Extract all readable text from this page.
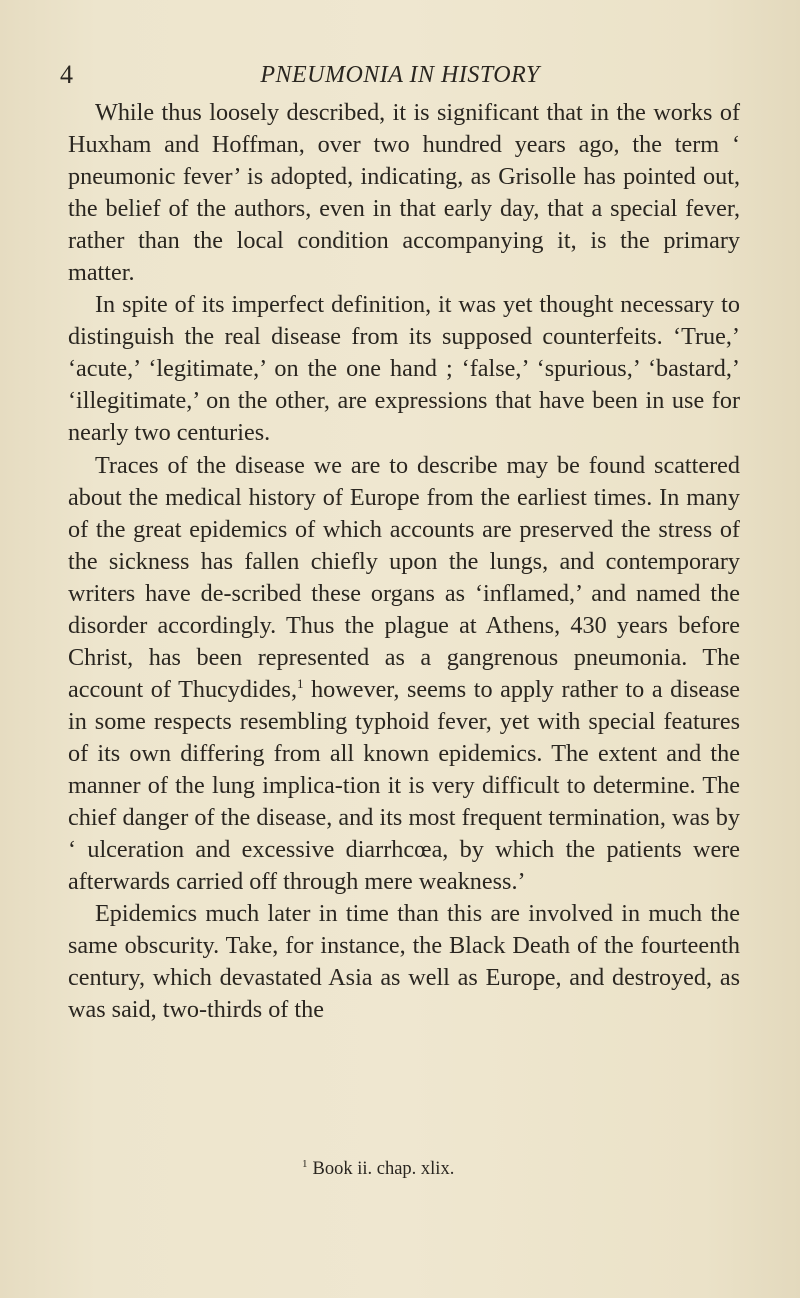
4	PNEUMONIA IN HISTORY

While thus loosely described, it is significant that in the works of Huxham and Hoffman, over two hundred years ago, the term ‘ pneumonic fever’ is adopted, indicating, as Grisolle has pointed out, the belief of the authors, even in that early day, that a special fever, rather than the local condition accompanying it, is the primary matter.

In spite of its imperfect definition, it was yet thought necessary to distinguish the real disease from its supposed counterfeits. ‘True,’ ‘acute,’ ‘legitimate,’ on the one hand ; ‘false,’ ‘spurious,’ ‘bastard,’ ‘illegitimate,’ on the other, are expressions that have been in use for nearly two centuries.

Traces of the disease we are to describe may be found scattered about the medical history of Europe from the earliest times. In many of the great epidemics of which accounts are preserved the stress of the sickness has fallen chiefly upon the lungs, and contemporary writers have de-scribed these organs as ‘inflamed,’ and named the disorder accordingly. Thus the plague at Athens, 430 years before Christ, has been represented as a gangrenous pneumonia. The account of Thucydides,$^1$ however, seems to apply rather to a disease in some respects resembling typhoid fever, yet with special features of its own differing from all known epidemics. The extent and the manner of the lung implica-tion it is very difficult to determine. The chief danger of the disease, and its most frequent termination, was by ‘ ulceration and excessive diarrhcœa, by which the patients were afterwards carried off through mere weakness.’

Epidemics much later in time than this are involved in much the same obscurity. Take, for instance, the Black Death of the fourteenth century, which devastated Asia as well as Europe, and destroyed, as was said, two-thirds of the

$^1$ Book ii. chap. xlix.
